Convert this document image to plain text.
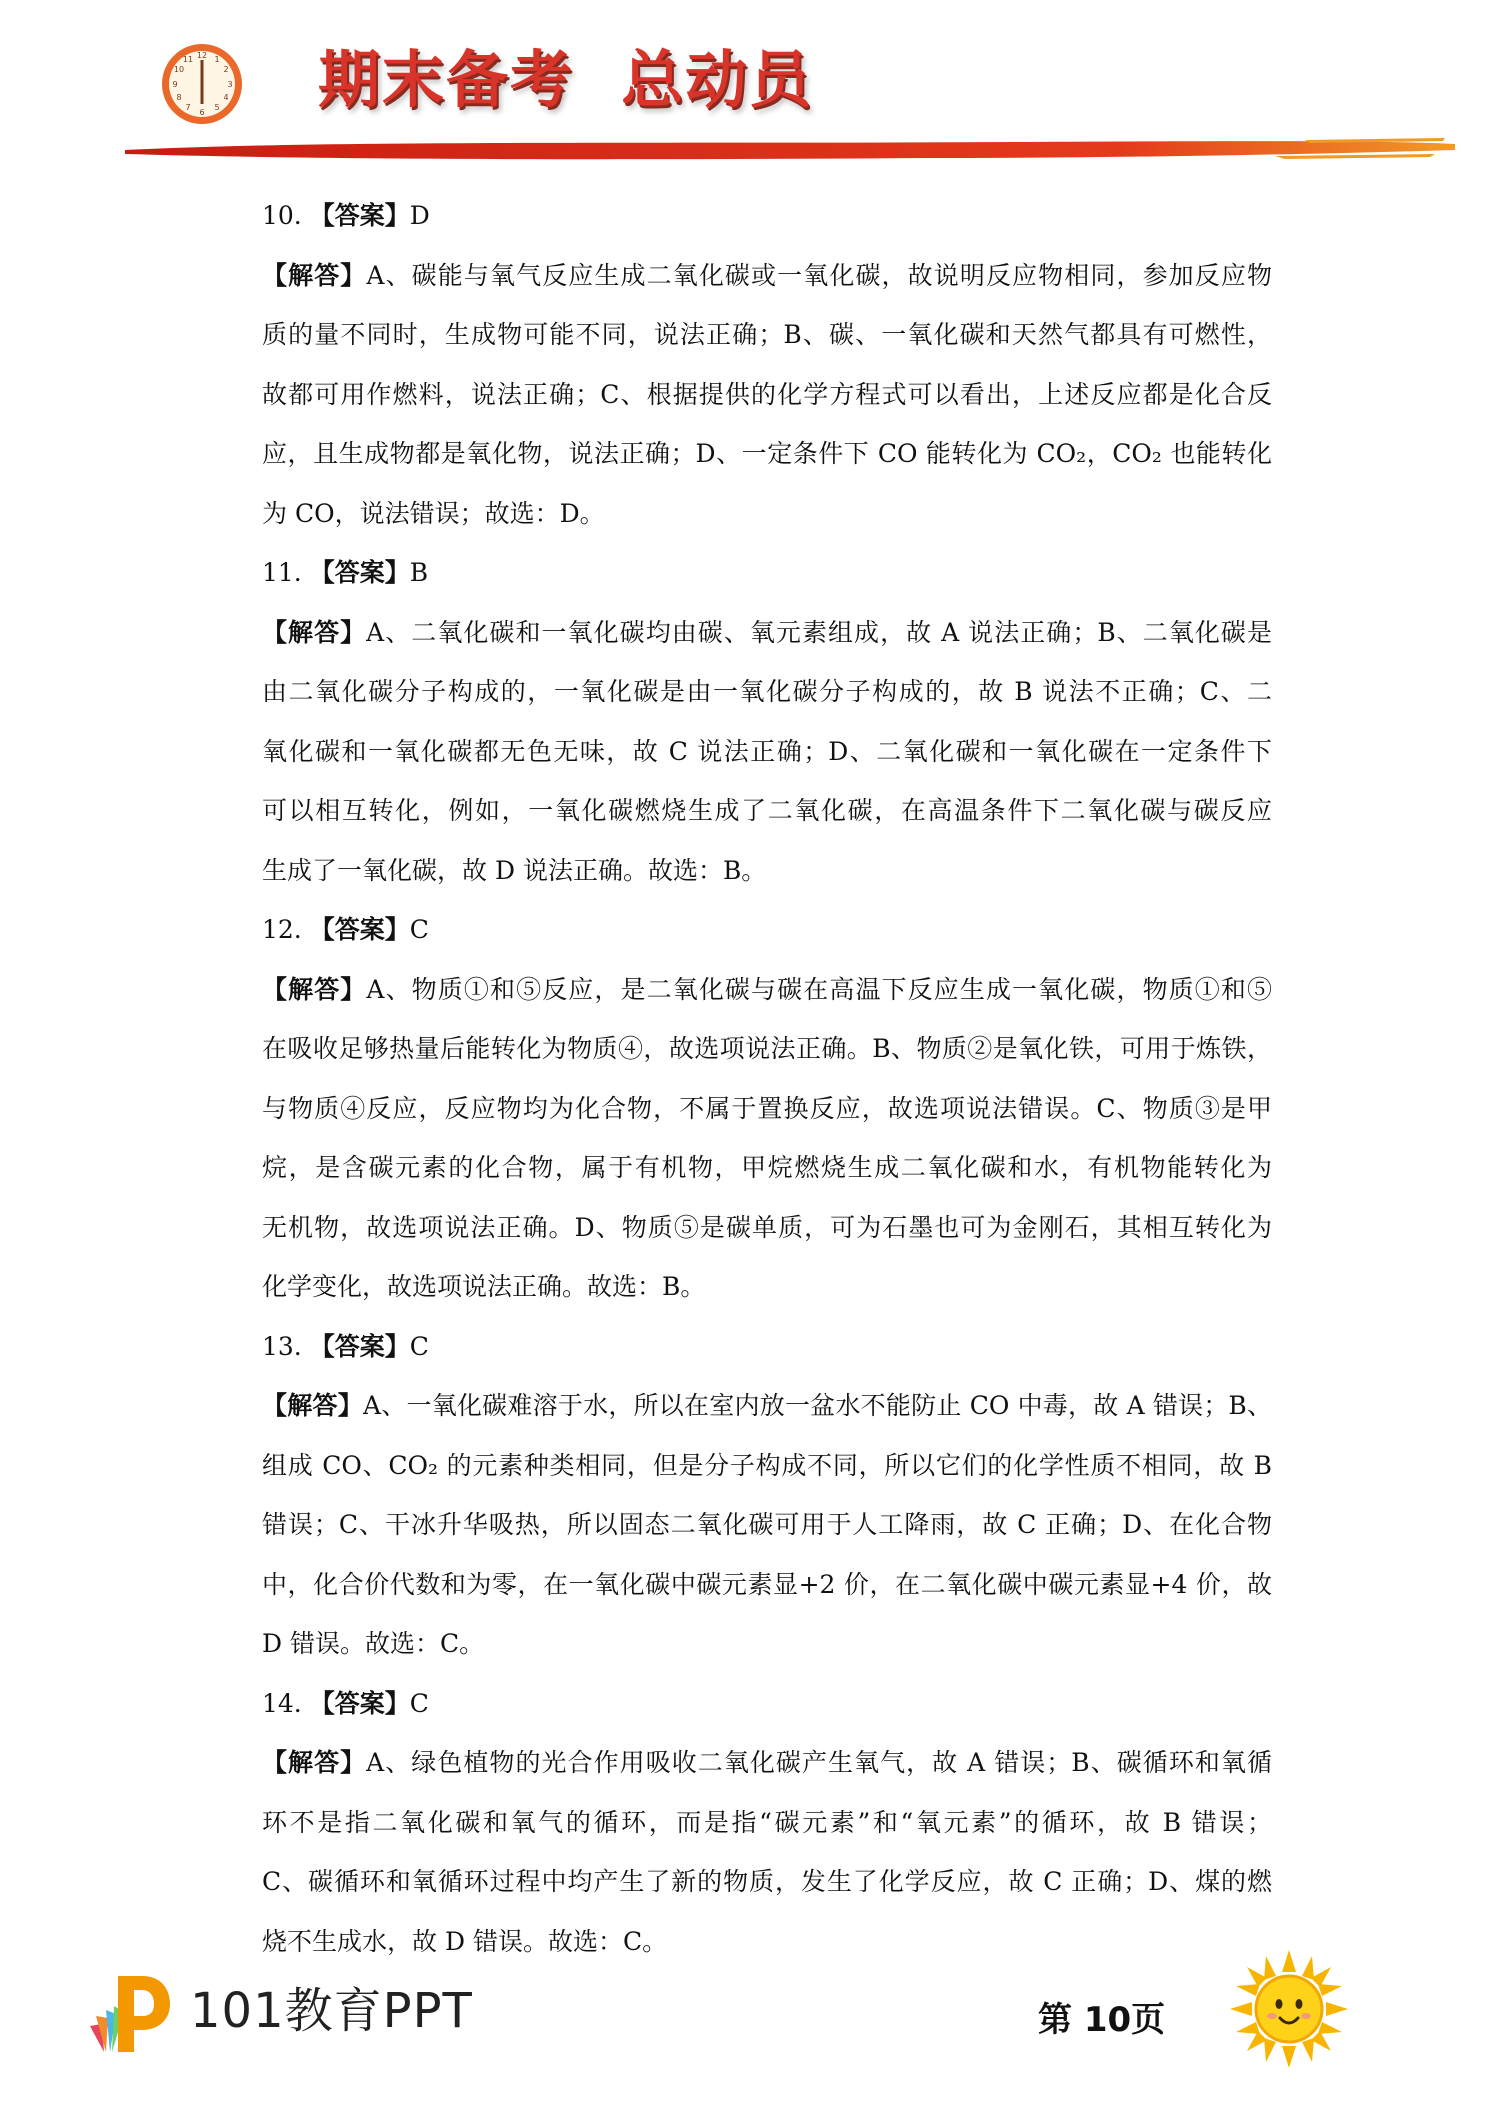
12 1
2
3
4
5
6
7
8
9
10
11 期末备考  总动员
10. 【答案】D
【解答】A、碳能与氧气反应生成二氧化碳或一氧化碳，故说明反应物相同，参加反应物
质的量不同时，生成物可能不同，说法正确；B、碳、一氧化碳和天然气都具有可燃性，
故都可用作燃料，说法正确；C、根据提供的化学方程式可以看出，上述反应都是化合反
应，且生成物都是氧化物，说法正确；D、一定条件下 CO 能转化为 CO₂，CO₂ 也能转化
为 CO，说法错误；故选：D。
11. 【答案】B
【解答】A、二氧化碳和一氧化碳均由碳、氧元素组成，故 A 说法正确；B、二氧化碳是
由二氧化碳分子构成的，一氧化碳是由一氧化碳分子构成的，故 B 说法不正确；C、二
氧化碳和一氧化碳都无色无味，故 C 说法正确；D、二氧化碳和一氧化碳在一定条件下
可以相互转化，例如，一氧化碳燃烧生成了二氧化碳，在高温条件下二氧化碳与碳反应
生成了一氧化碳，故 D 说法正确。故选：B。
12. 【答案】C
【解答】A、物质①和⑤反应，是二氧化碳与碳在高温下反应生成一氧化碳，物质①和⑤
在吸收足够热量后能转化为物质④，故选项说法正确。B、物质②是氧化铁，可用于炼铁，
与物质④反应，反应物均为化合物，不属于置换反应，故选项说法错误。C、物质③是甲
烷，是含碳元素的化合物，属于有机物，甲烷燃烧生成二氧化碳和水，有机物能转化为
无机物，故选项说法正确。D、物质⑤是碳单质，可为石墨也可为金刚石，其相互转化为
化学变化，故选项说法正确。故选：B。
13. 【答案】C
【解答】A、一氧化碳难溶于水，所以在室内放一盆水不能防止 CO 中毒，故 A 错误；B、
组成 CO、CO₂ 的元素种类相同，但是分子构成不同，所以它们的化学性质不相同，故 B
错误；C、干冰升华吸热，所以固态二氧化碳可用于人工降雨，故 C 正确；D、在化合物
中，化合价代数和为零，在一氧化碳中碳元素显+2 价，在二氧化碳中碳元素显+4 价，故
D 错误。故选：C。
14. 【答案】C
【解答】A、绿色植物的光合作用吸收二氧化碳产生氧气，故 A 错误；B、碳循环和氧循
环不是指二氧化碳和氧气的循环，而是指“碳元素”和“氧元素”的循环，故 B 错误；
C、碳循环和氧循环过程中均产生了新的物质，发生了化学反应，故 C 正确；D、煤的燃
烧不生成水，故 D 错误。故选：C。
101教育PPT	第 10页
